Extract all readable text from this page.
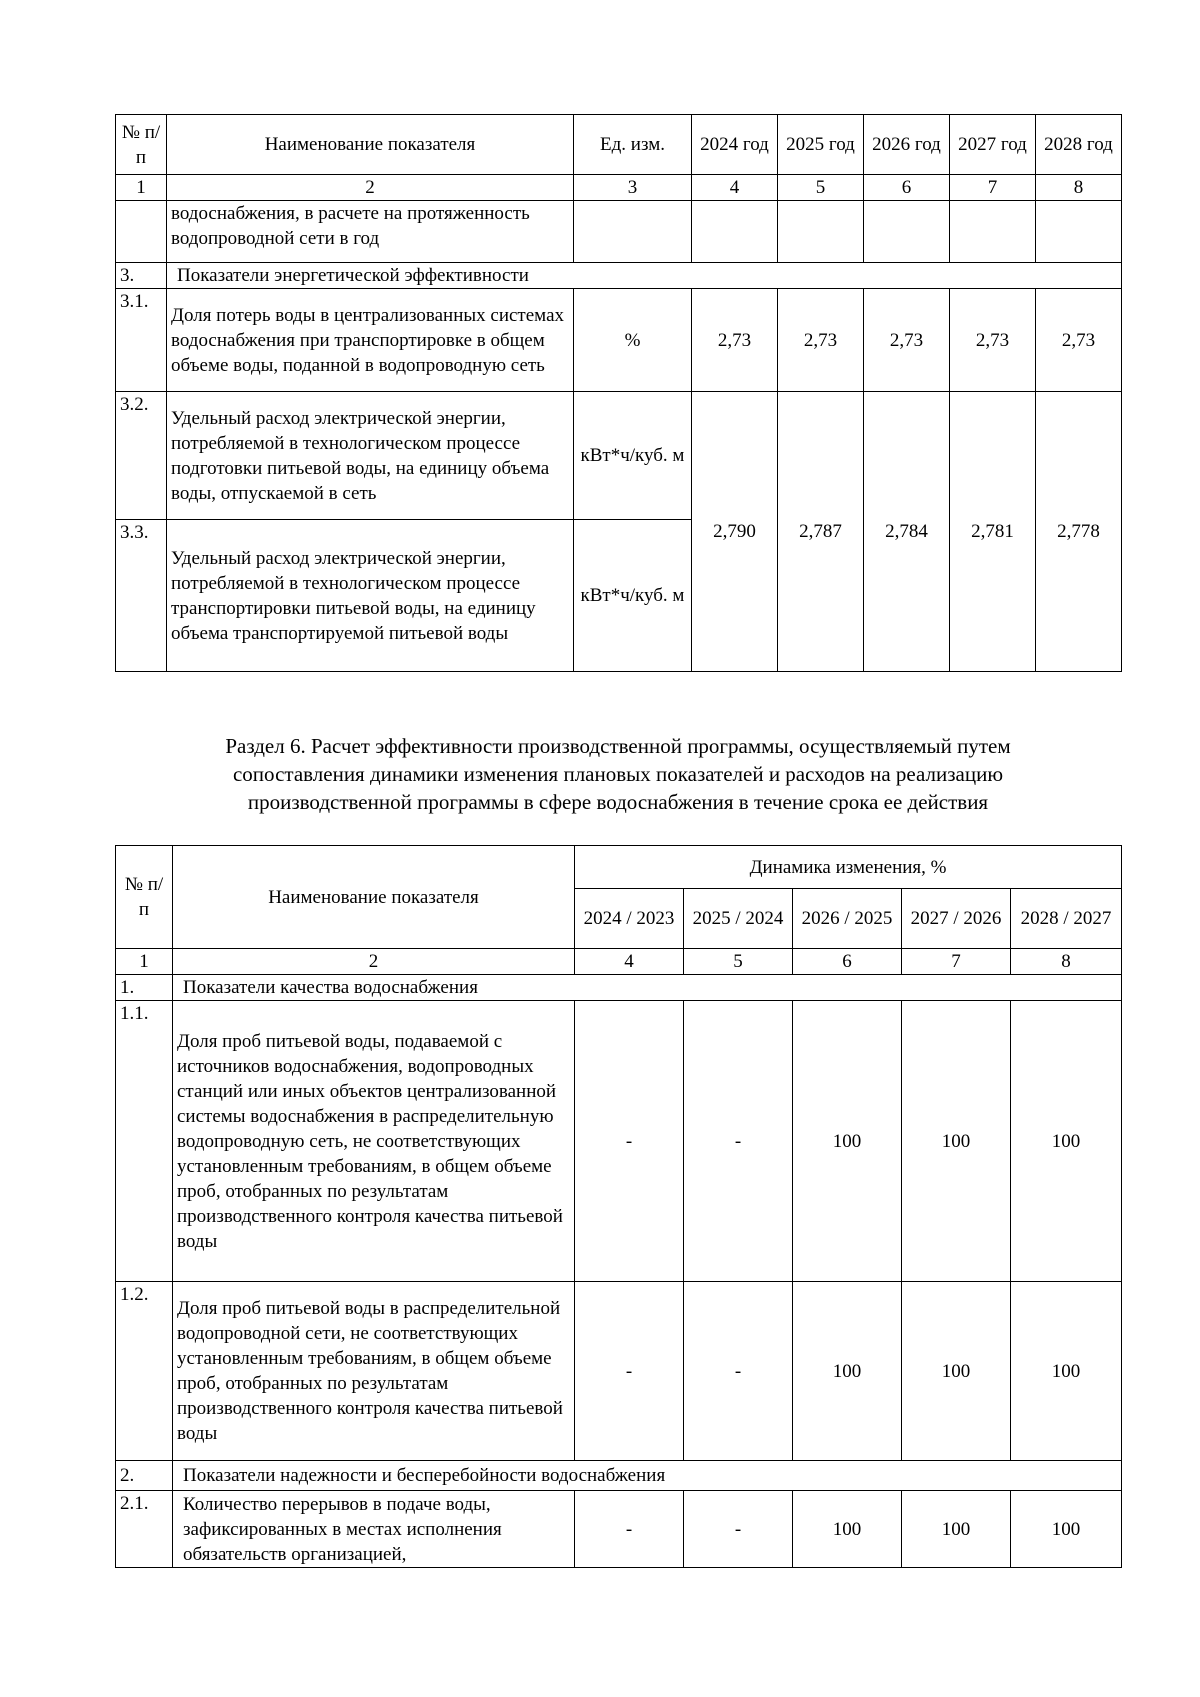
№ п/п	Наименование показателя	Ед. изм.	2024 год	2025 год	2026 год	2027 год	2028 год
1	2	3	4	5	6	7	8
	водоснабжения, в расчете на протяженность водопроводной сети в год						
3.	Показатели энергетической эффективности						
3.1.	Доля потерь воды в централизованных системах водоснабжения при транспортировке в общем объеме воды, поданной в водопроводную сеть	%	2,73	2,73	2,73	2,73	2,73
3.2.	Удельный расход электрической энергии, потребляемой в технологическом процессе подготовки питьевой воды, на единицу объема воды, отпускаемой в сеть	кВт*ч/куб. м	2,790	2,787	2,784	2,781	2,778
3.3.	Удельный расход электрической энергии, потребляемой в технологическом процессе транспортировки питьевой воды, на единицу объема транспортируемой питьевой воды	кВт*ч/куб. м					
Раздел 6. Расчет эффективности производственной программы, осуществляемый путем
сопоставления динамики изменения плановых показателей и расходов на реализацию
производственной программы в сфере водоснабжения в течение срока ее действия
№ п/п	Наименование показателя	Динамика изменения, %				
		2024 / 2023	2025 / 2024	2026 / 2025	2027 / 2026	2028 / 2027
1	2	4	5	6	7	8
1.	Показатели качества водоснабжения					
1.1.	Доля проб питьевой воды, подаваемой с источников водоснабжения, водопроводных станций или иных объектов централизованной системы водоснабжения в распределительную водопроводную сеть, не соответствующих установленным требованиям, в общем объеме проб, отобранных по результатам производственного контроля качества питьевой воды	-	-	100	100	100
1.2.	Доля проб питьевой воды в распределительной водопроводной сети, не соответствующих установленным требованиям, в общем объеме проб, отобранных по результатам производственного контроля качества питьевой воды	-	-	100	100	100
2.	Показатели надежности и бесперебойности водоснабжения					
2.1.	Количество перерывов в подаче воды, зафиксированных в местах исполнения обязательств организацией,	-	-	100	100	100
